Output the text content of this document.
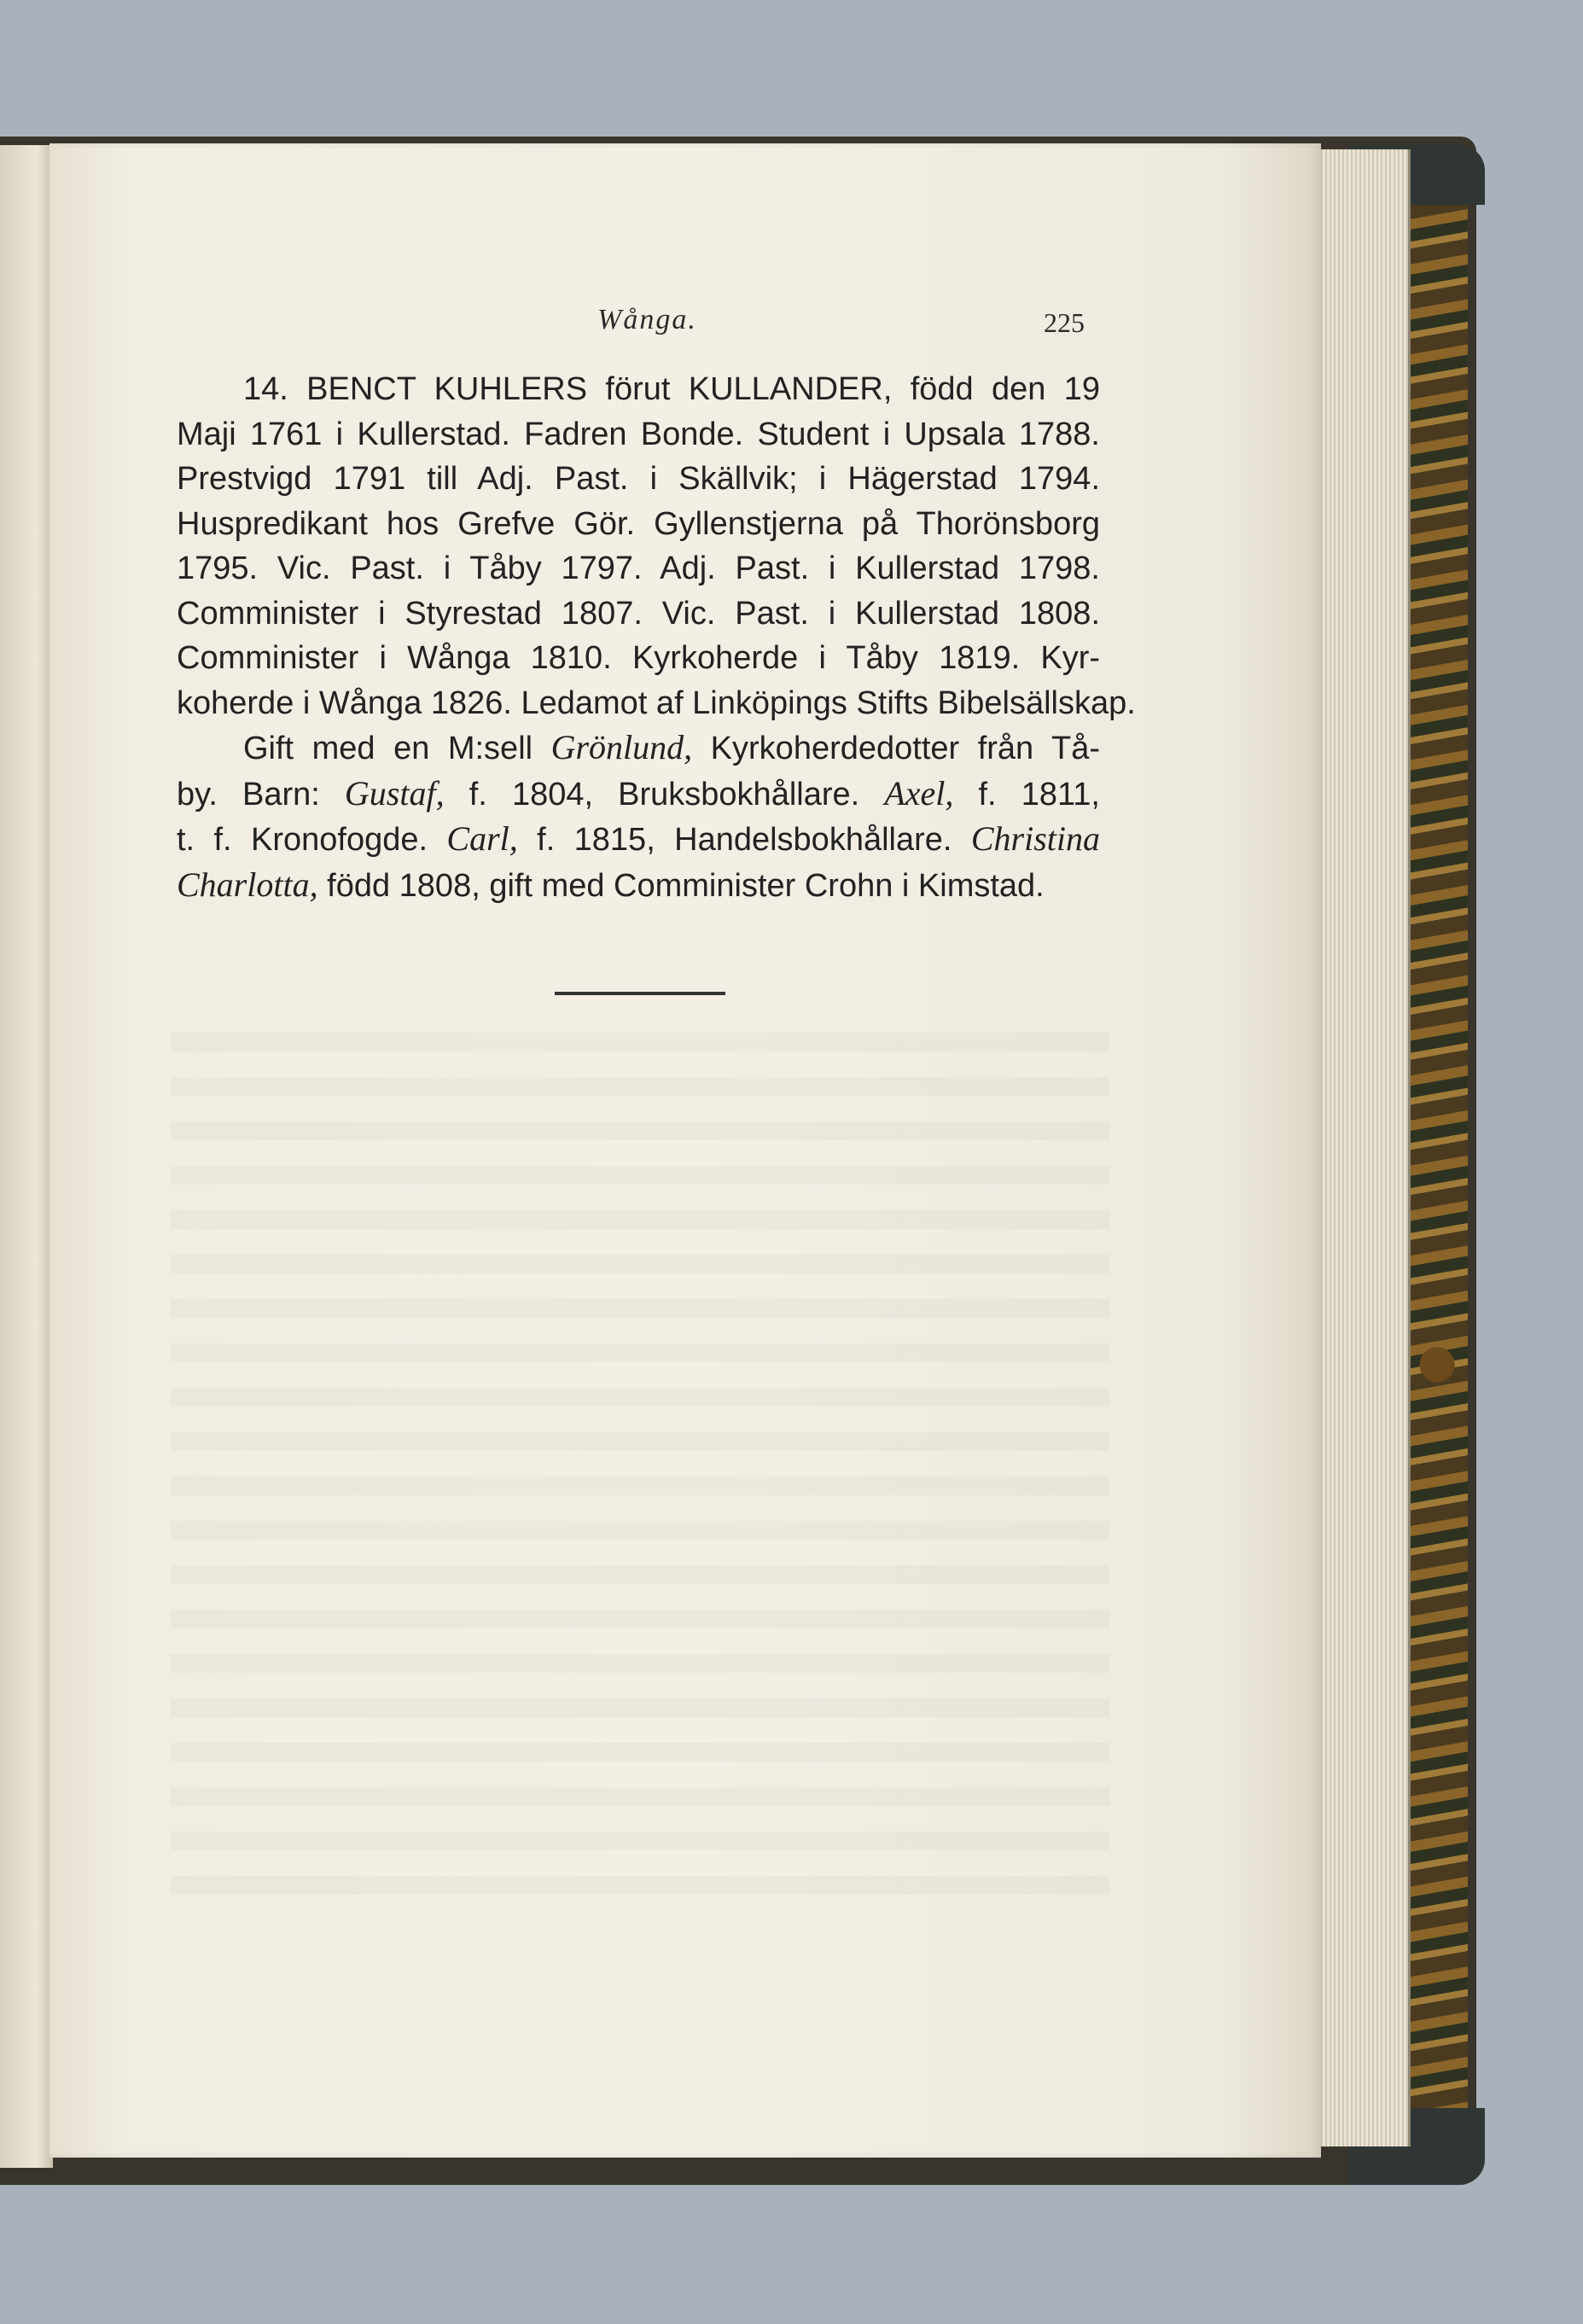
Wånga.	225
14. BENCT KUHLERS förut KULLANDER, född den 19
Maji 1761 i Kullerstad. Fadren Bonde. Student i Upsala 1788.
Prestvigd 1791 till Adj. Past. i Skällvik; i Hägerstad 1794.
Huspredikant hos Grefve Gör. Gyllenstjerna på Thorönsborg
1795. Vic. Past. i Tåby 1797. Adj. Past. i Kullerstad 1798.
Comminister i Styrestad 1807. Vic. Past. i Kullerstad 1808.
Comminister i Wånga 1810. Kyrkoherde i Tåby 1819. Kyr-
koherde i Wånga 1826. Ledamot af Linköpings Stifts Bibelsällskap.
Gift med en M:sell Grönlund, Kyrkoherdedotter från Tå-
by. Barn: Gustaf, f. 1804, Bruksbokhållare. Axel, f. 1811,
t. f. Kronofogde. Carl, f. 1815, Handelsbokhållare. Christina
Charlotta, född 1808, gift med Comminister Crohn i Kimstad.
